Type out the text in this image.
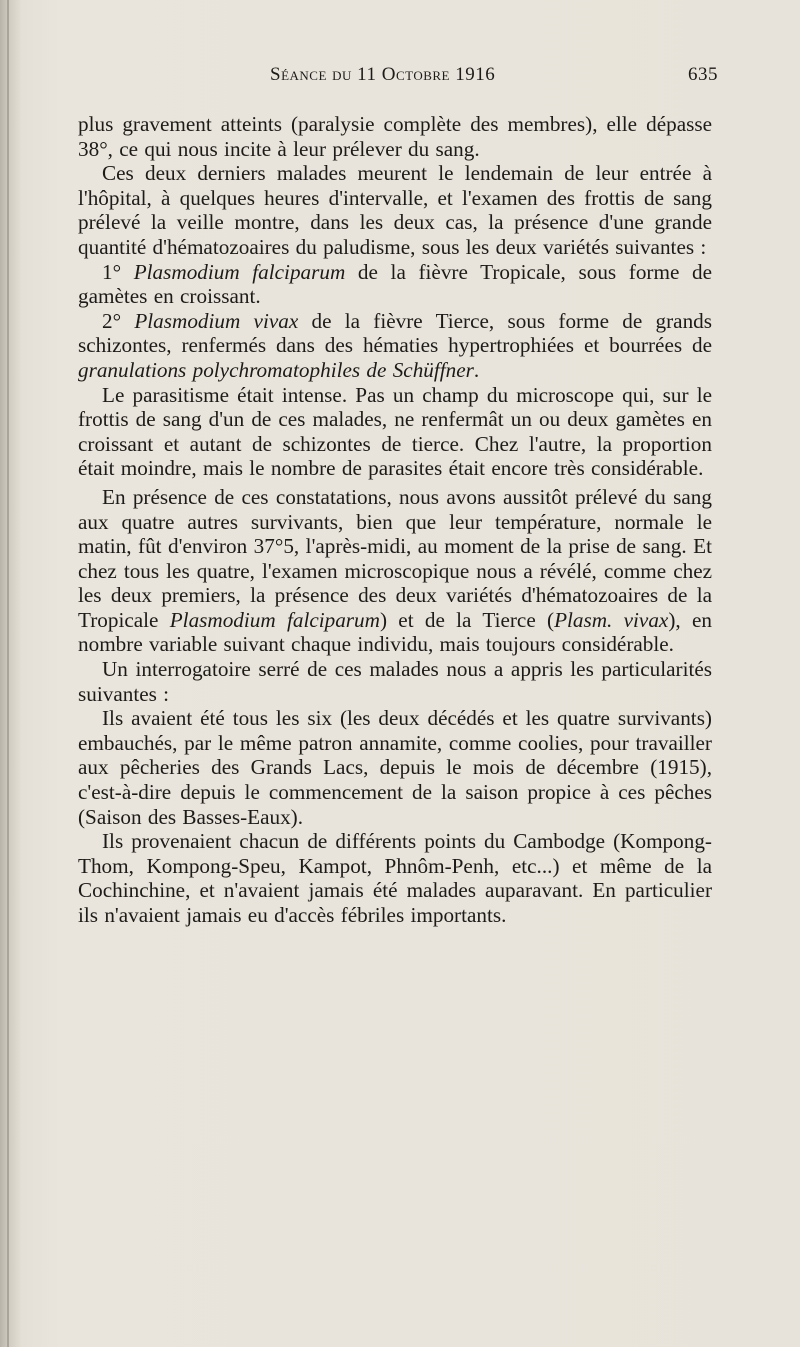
Séance du 11 Octobre 1916	635

plus gravement atteints (paralysie complète des membres), elle dépasse 38°, ce qui nous incite à leur prélever du sang.

Ces deux derniers malades meurent le lendemain de leur entrée à l'hôpital, à quelques heures d'intervalle, et l'examen des frottis de sang prélevé la veille montre, dans les deux cas, la présence d'une grande quantité d'hématozoaires du paludisme, sous les deux variétés suivantes :

1° Plasmodium falciparum de la fièvre Tropicale, sous forme de gamètes en croissant.

2° Plasmodium vivax de la fièvre Tierce, sous forme de grands schizontes, renfermés dans des hématies hypertrophiées et bourrées de granulations polychromatophiles de Schüffner.

Le parasitisme était intense. Pas un champ du microscope qui, sur le frottis de sang d'un de ces malades, ne renfermât un ou deux gamètes en croissant et autant de schizontes de tierce. Chez l'autre, la proportion était moindre, mais le nombre de parasites était encore très considérable.

En présence de ces constatations, nous avons aussitôt prélevé du sang aux quatre autres survivants, bien que leur température, normale le matin, fût d'environ 37°5, l'après-midi, au moment de la prise de sang. Et chez tous les quatre, l'examen microscopique nous a révélé, comme chez les deux premiers, la présence des deux variétés d'hématozoaires de la Tropicale Plasmodium falciparum) et de la Tierce (Plasm. vivax), en nombre variable suivant chaque individu, mais toujours considérable.

Un interrogatoire serré de ces malades nous a appris les particularités suivantes :

Ils avaient été tous les six (les deux décédés et les quatre survivants) embauchés, par le même patron annamite, comme coolies, pour travailler aux pêcheries des Grands Lacs, depuis le mois de décembre (1915), c'est-à-dire depuis le commencement de la saison propice à ces pêches (Saison des Basses-Eaux).

Ils provenaient chacun de différents points du Cambodge (Kompong-Thom, Kompong-Speu, Kampot, Phnôm-Penh, etc...) et même de la Cochinchine, et n'avaient jamais été malades auparavant. En particulier ils n'avaient jamais eu d'accès fébriles importants.
